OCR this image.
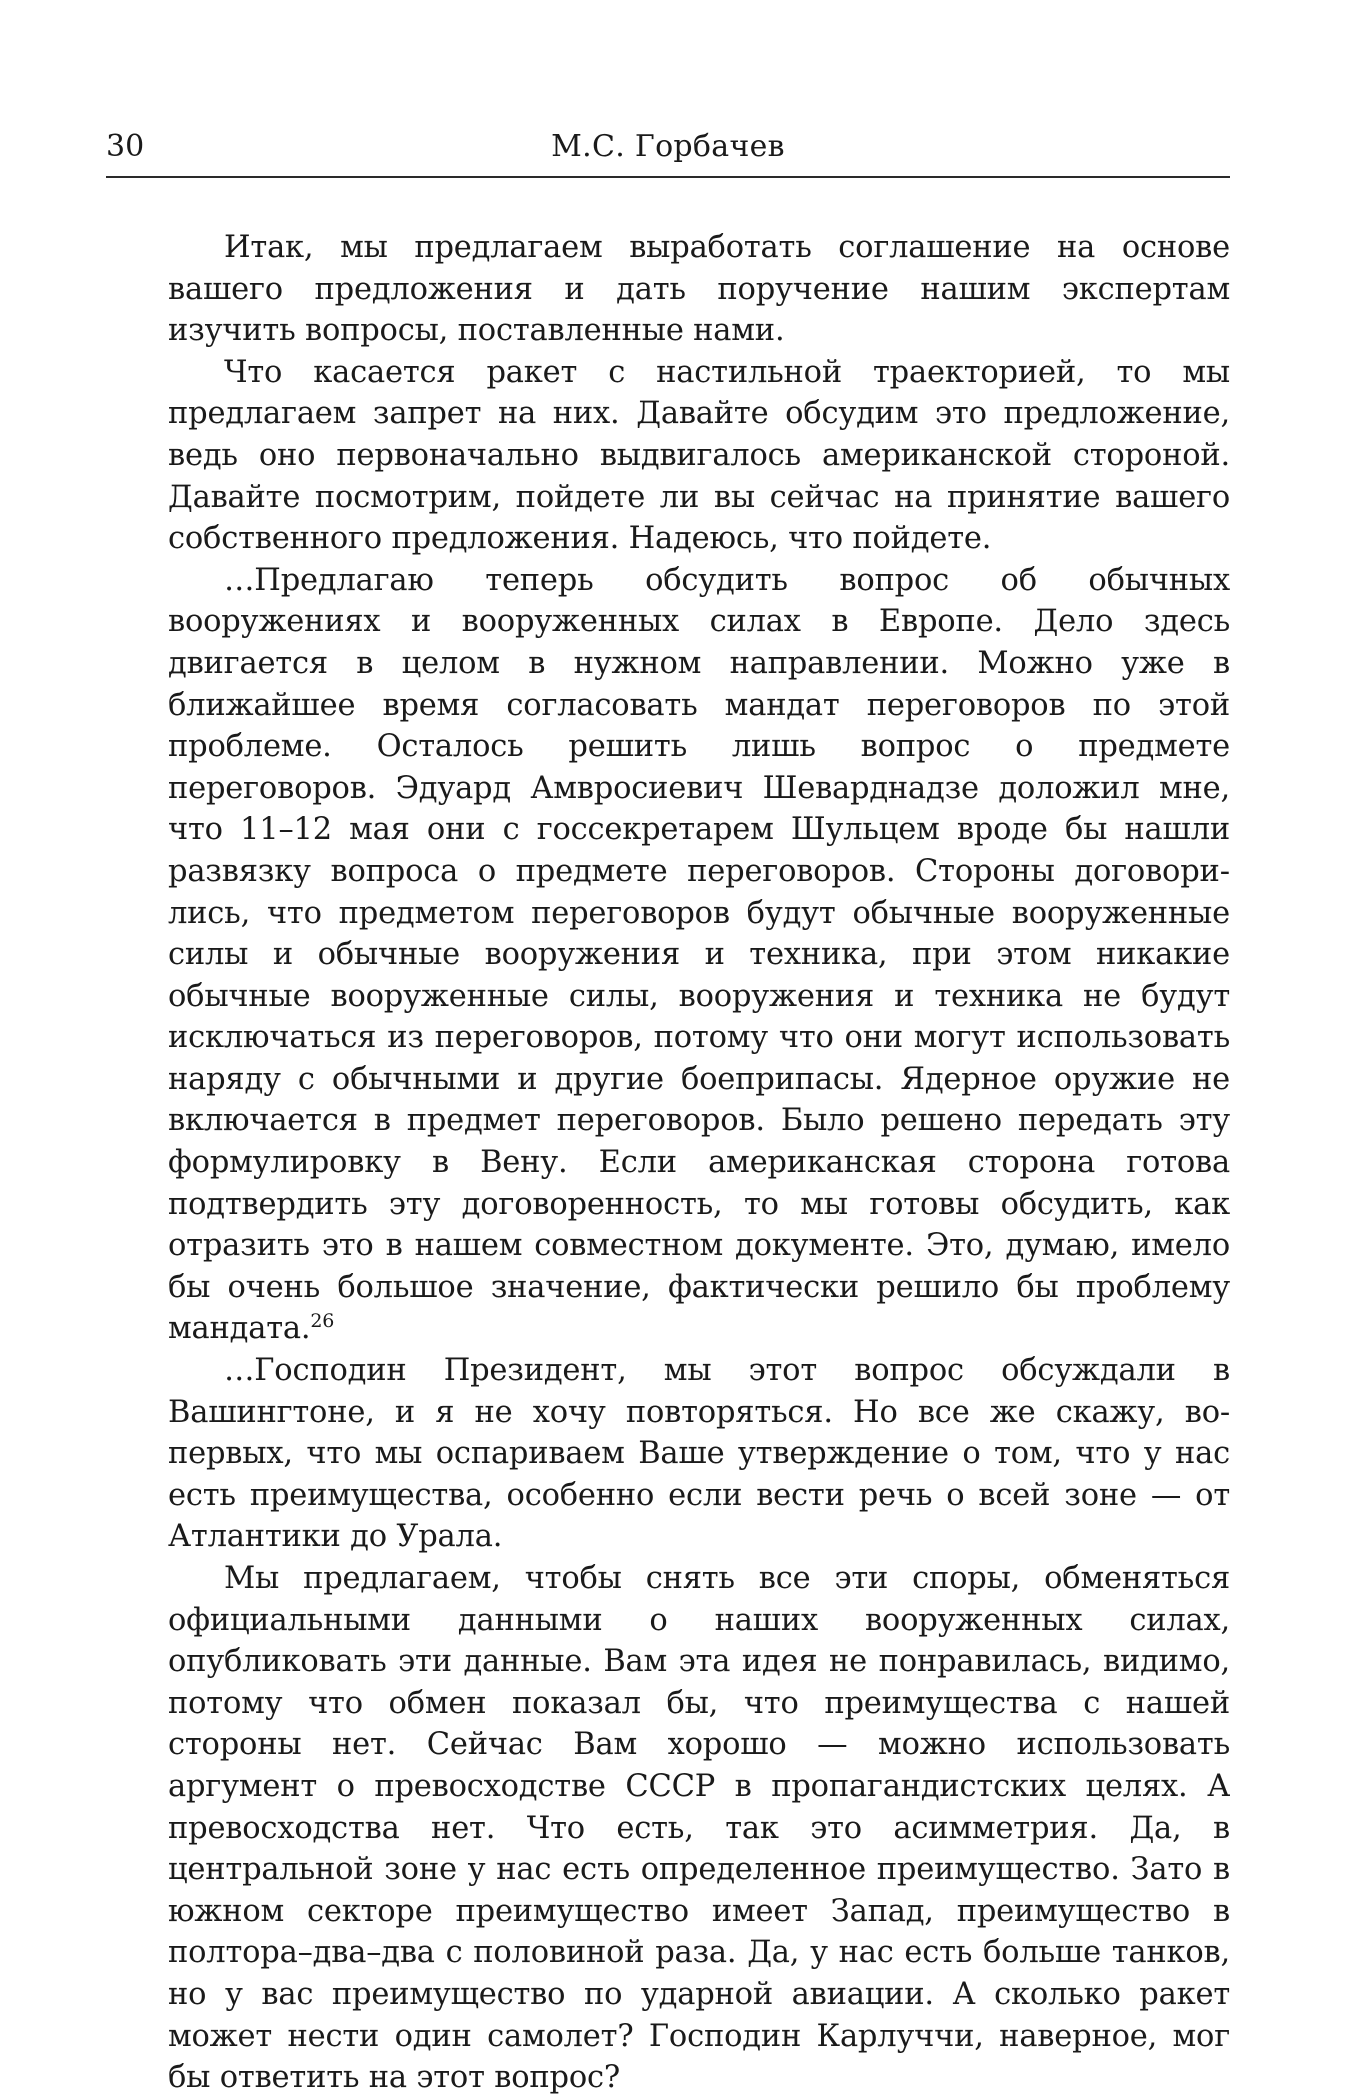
30	М.С. Горбачев

Итак, мы предлагаем выработать соглашение на основе вашего предложения и дать поручение нашим экспертам изучить вопросы, поставленные нами.

Что касается ракет с настильной траекторией, то мы предлагаем запрет на них. Давайте обсудим это предложение, ведь оно первоначально выдвигалось американской стороной. Давайте посмотрим, пойдете ли вы сейчас на принятие вашего собственного предложения. Надеюсь, что пойдете.

…Предлагаю теперь обсудить вопрос об обычных вооружениях и вооруженных силах в Европе. Дело здесь двигается в целом в нужном направлении. Можно уже в ближайшее время согласовать мандат переговоров по этой проблеме. Осталось решить лишь вопрос о предмете переговоров. Эдуард Амвросиевич Шеварднадзе доложил мне, что 11–12 мая они с госсекретарем Шульцем вроде бы нашли развязку вопроса о предмете переговоров. Стороны договорились, что предметом переговоров будут обычные вооруженные силы и обычные вооружения и техника, при этом никакие обычные вооруженные силы, вооружения и техника не будут исключаться из переговоров, потому что они могут использовать наряду с обычными и другие боеприпасы. Ядерное оружие не включается в предмет переговоров. Было решено передать эту формулировку в Вену. Если американская сторона готова подтвердить эту договоренность, то мы готовы обсудить, как отразить это в нашем совместном документе. Это, думаю, имело бы очень большое значение, фактически решило бы проблему мандата.$^{26}$

…Господин Президент, мы этот вопрос обсуждали в Вашингтоне, и я не хочу повторяться. Но все же скажу, во-первых, что мы оспариваем Ваше утверждение о том, что у нас есть преимущества, особенно если вести речь о всей зоне — от Атлантики до Урала.

Мы предлагаем, чтобы снять все эти споры, обменяться официальными данными о наших вооруженных силах, опубликовать эти данные. Вам эта идея не понравилась, видимо, потому что обмен показал бы, что преимущества с нашей стороны нет. Сейчас Вам хорошо — можно использовать аргумент о превосходстве СССР в пропагандистских целях. А превосходства нет. Что есть, так это асимметрия. Да, в центральной зоне у нас есть определенное преимущество. Зато в южном секторе преимущество имеет Запад, преимущество в полтора–два–два с половиной раза. Да, у нас есть больше танков, но у вас преимущество по ударной авиации. А сколько ракет может нести один самолет? Господин Карлуччи, наверное, мог бы ответить на этот вопрос?
